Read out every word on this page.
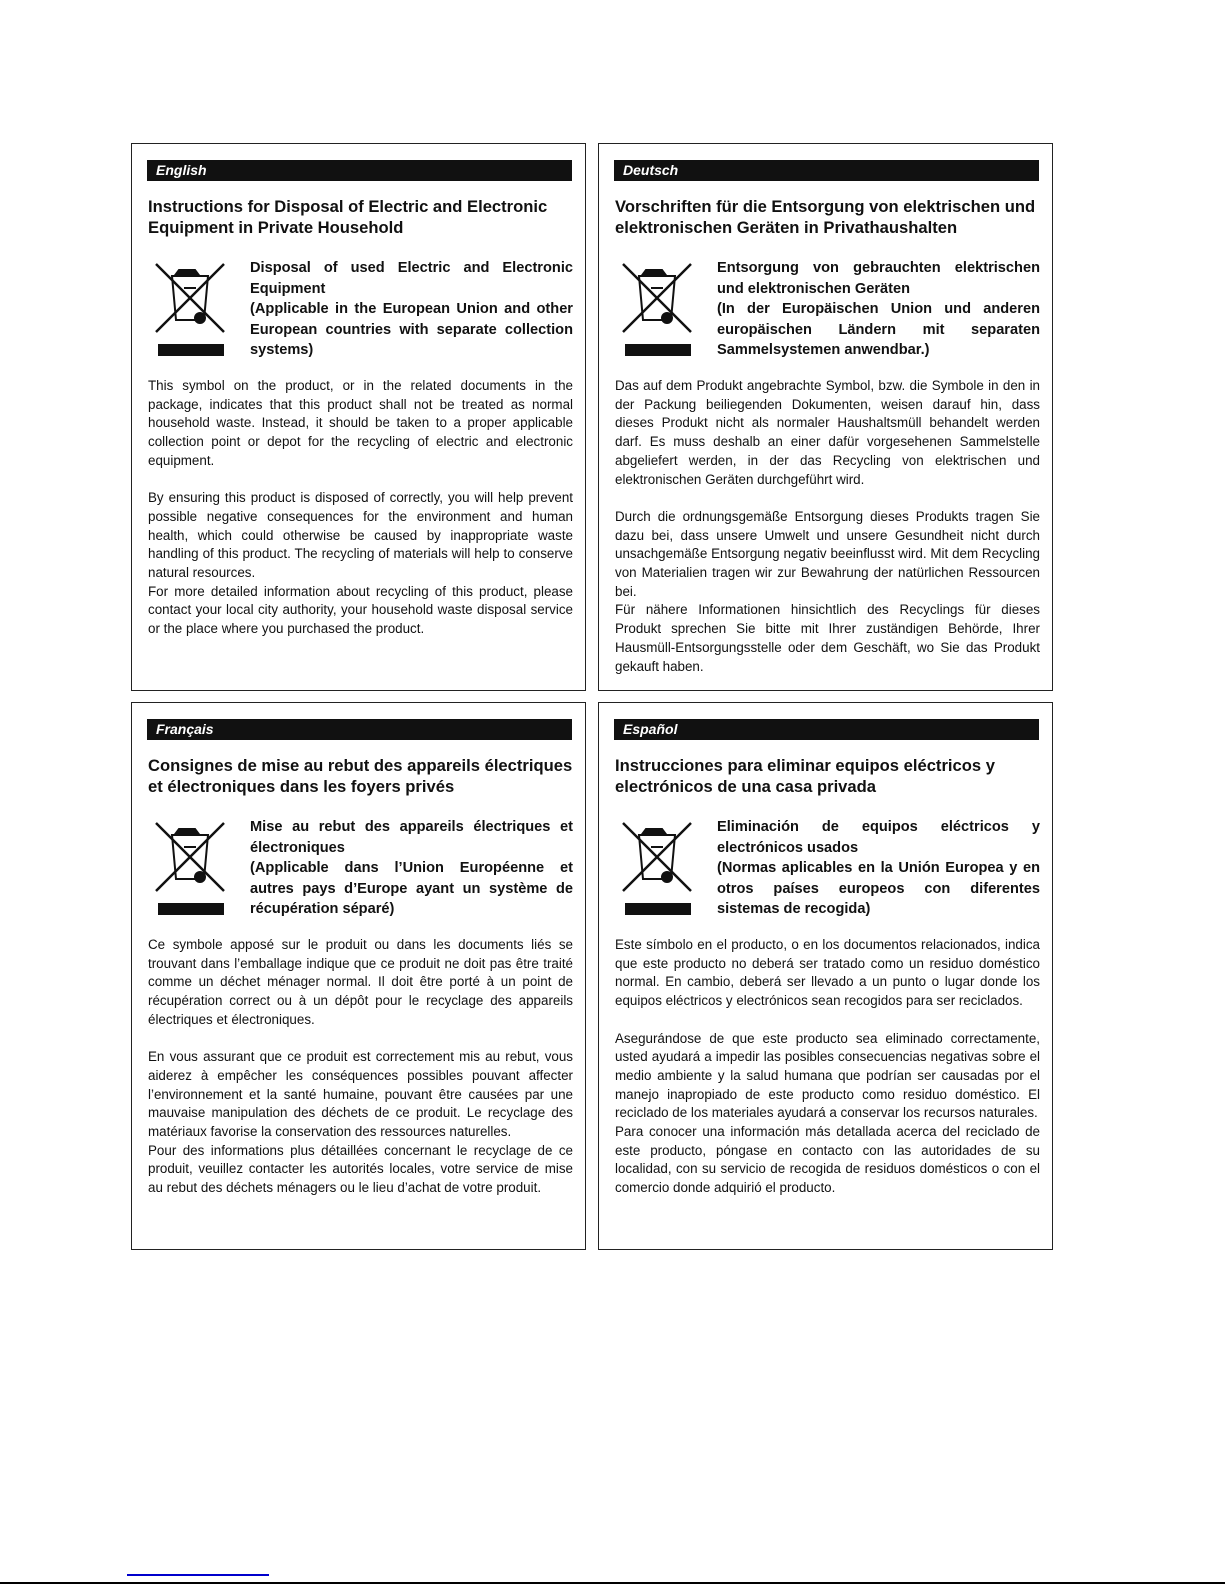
English
Instructions for Disposal of Electric and Electronic Equipment in Private Household
Disposal of used Electric and Electronic Equipment
(Applicable in the European Union and other European countries with separate collection systems)

This symbol on the product, or in the related documents in the package, indicates that this product shall not be treated as normal household waste. Instead, it should be taken to a proper applicable collection point or depot for the recycling of electric and electronic equipment.

By ensuring this product is disposed of correctly, you will help prevent possible negative consequences for the environment and human health, which could otherwise be caused by inappropriate waste handling of this product. The recycling of materials will help to conserve natural resources.

For more detailed information about recycling of this product, please contact your local city authority, your household waste disposal service or the place where you purchased the product.

Deutsch
Vorschriften für die Entsorgung von elektrischen und elektronischen Geräten in Privathaushalten
Entsorgung von gebrauchten elektrischen und elektronischen Geräten
(In der Europäischen Union und anderen europäischen Ländern mit separaten Sammelsystemen anwendbar.)

Das auf dem Produkt angebrachte Symbol, bzw. die Symbole in den in der Packung beiliegenden Dokumenten, weisen darauf hin, dass dieses Produkt nicht als normaler Haushaltsmüll behandelt werden darf. Es muss deshalb an einer dafür vorgesehenen Sammelstelle abgeliefert werden, in der das Recycling von elektrischen und elektronischen Geräten durchgeführt wird.

Durch die ordnungsgemäße Entsorgung dieses Produkts tragen Sie dazu bei, dass unsere Umwelt und unsere Gesundheit nicht durch unsachgemäße Entsorgung negativ beeinflusst wird. Mit dem Recycling von Materialien tragen wir zur Bewahrung der natürlichen Ressourcen bei.

Für nähere Informationen hinsichtlich des Recyclings für dieses Produkt sprechen Sie bitte mit Ihrer zuständigen Behörde, Ihrer Hausmüll-Entsorgungsstelle oder dem Geschäft, wo Sie das Produkt gekauft haben.

Français
Consignes de mise au rebut des appareils électriques et électroniques dans les foyers privés
Mise au rebut des appareils électriques et électroniques
(Applicable dans l’Union Européenne et autres pays d’Europe ayant un système de récupération séparé)

Ce symbole apposé sur le produit ou dans les documents liés se trouvant dans l’emballage indique que ce produit ne doit pas être traité comme un déchet ménager normal. Il doit être porté à un point de récupération correct ou à un dépôt pour le recyclage des appareils électriques et électroniques.

En vous assurant que ce produit est correctement mis au rebut, vous aiderez à empêcher les conséquences possibles pouvant affecter l’environnement et la santé humaine, pouvant être causées par une mauvaise manipulation des déchets de ce produit. Le recyclage des matériaux favorise la conservation des ressources naturelles.

Pour des informations plus détaillées concernant le recyclage de ce produit, veuillez contacter les autorités locales, votre service de mise au rebut des déchets ménagers ou le lieu d’achat de votre produit.

Español
Instrucciones para eliminar equipos eléctricos y electrónicos de una casa privada
Eliminación de equipos eléctricos y electrónicos usados
(Normas aplicables en la Unión Europea y en otros países europeos con diferentes sistemas de recogida)

Este símbolo en el producto, o en los documentos relacionados, indica que este producto no deberá ser tratado como un residuo doméstico normal. En cambio, deberá ser llevado a un punto o lugar donde los equipos eléctricos y electrónicos sean recogidos para ser reciclados.

Asegurándose de que este producto sea eliminado correctamente, usted ayudará a impedir las posibles consecuencias negativas sobre el medio ambiente y la salud humana que podrían ser causadas por el manejo inapropiado de este producto como residuo doméstico. El reciclado de los materiales ayudará a conservar los recursos naturales.

Para conocer una información más detallada acerca del reciclado de este producto, póngase en contacto con las autoridades de su localidad, con su servicio de recogida de residuos domésticos o con el comercio donde adquirió el producto.
